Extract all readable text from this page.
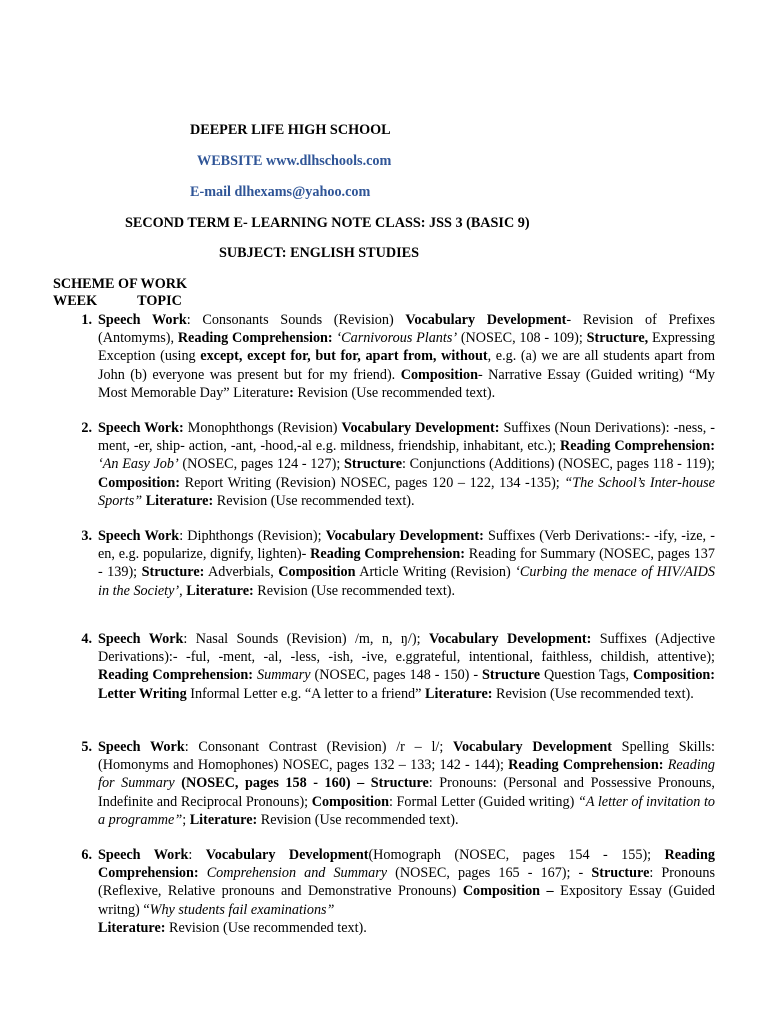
DEEPER LIFE HIGH SCHOOL
WEBSITE www.dlhschools.com
E-mail dlhexams@yahoo.com
SECOND TERM E- LEARNING NOTE CLASS: JSS 3 (BASIC 9)
SUBJECT: ENGLISH STUDIES
SCHEME OF WORK
WEEK	TOPIC
1. Speech Work: Consonants Sounds (Revision) Vocabulary Development- Revision of Prefixes (Antomyms), Reading Comprehension: ‘Carnivorous Plants’ (NOSEC, 108 - 109); Structure, Expressing Exception (using except, except for, but for, apart from, without, e.g. (a) we are all students apart from John (b) everyone was present but for my friend). Composition- Narrative Essay (Guided writing) “My Most Memorable Day” Literature: Revision (Use recommended text).
2. Speech Work: Monophthongs (Revision) Vocabulary Development: Suffixes (Noun Derivations): -ness, -ment, -er, ship- action, -ant, -hood,-al e.g. mildness, friendship, inhabitant, etc.); Reading Comprehension: ‘An Easy Job’ (NOSEC, pages 124 - 127); Structure: Conjunctions (Additions) (NOSEC, pages 118 - 119); Composition: Report Writing (Revision) NOSEC, pages 120 – 122, 134 -135); “The School’s Inter-house Sports” Literature: Revision (Use recommended text).
3. Speech Work: Diphthongs (Revision); Vocabulary Development: Suffixes (Verb Derivations:- -ify, -ize, -en, e.g. popularize, dignify, lighten)- Reading Comprehension: Reading for Summary (NOSEC, pages 137 - 139); Structure: Adverbials, Composition Article Writing (Revision) ‘Curbing the menace of HIV/AIDS in the Society’, Literature: Revision (Use recommended text).
4. Speech Work: Nasal Sounds (Revision) /m, n, ŋ/); Vocabulary Development: Suffixes (Adjective Derivations):- -ful, -ment, -al, -less, -ish, -ive, e.ggrateful, intentional, faithless, childish, attentive); Reading Comprehension: Summary (NOSEC, pages 148 - 150) - Structure Question Tags, Composition: Letter Writing Informal Letter e.g. “A letter to a friend” Literature: Revision (Use recommended text).
5. Speech Work: Consonant Contrast (Revision) /r – l/; Vocabulary Development Spelling Skills: (Homonyms and Homophones) NOSEC, pages 132 – 133; 142 - 144); Reading Comprehension: Reading for Summary (NOSEC, pages 158 - 160) – Structure: Pronouns: (Personal and Possessive Pronouns, Indefinite and Reciprocal Pronouns); Composition: Formal Letter (Guided writing) “A letter of invitation to a programme”; Literature: Revision (Use recommended text).
6. Speech Work: Vocabulary Development(Homograph (NOSEC, pages 154 - 155); Reading Comprehension: Comprehension and Summary (NOSEC, pages 165 - 167); - Structure: Pronouns (Reflexive, Relative pronouns and Demonstrative Pronouns) Composition – Expository Essay (Guided writng) “Why students fail examinations”
Literature: Revision (Use recommended text).
